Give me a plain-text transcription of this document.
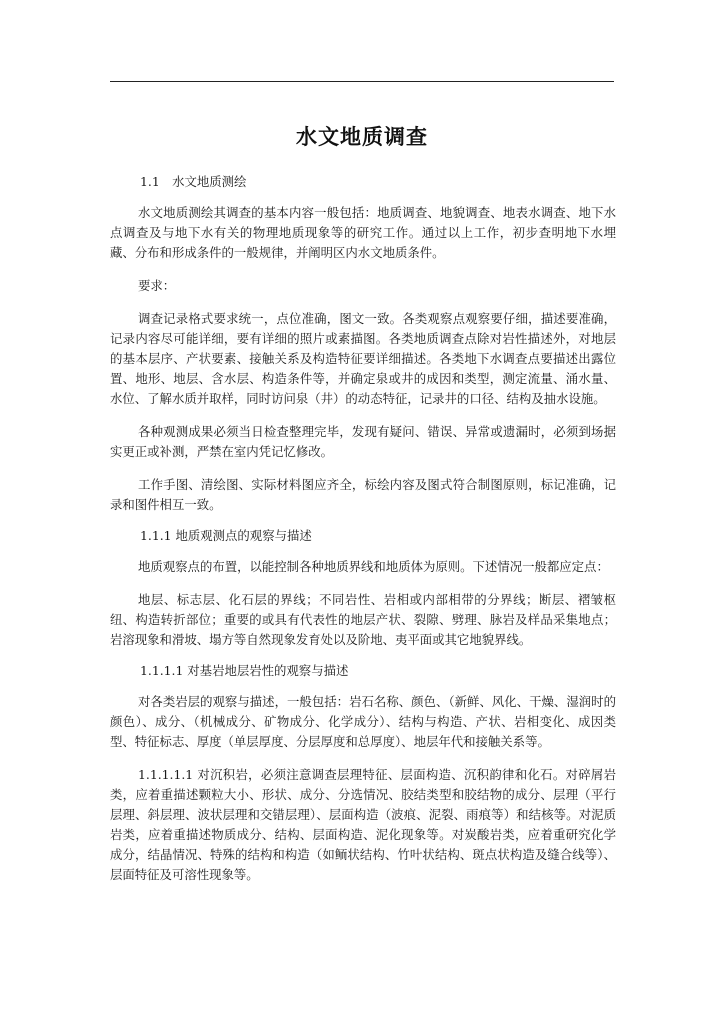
水文地质调查

1.1　水文地质测绘

水文地质测绘其调查的基本内容一般包括：地质调查、地貌调查、地表水调查、地下水点调查及与地下水有关的物理地质现象等的研究工作。通过以上工作，初步查明地下水埋藏、分布和形成条件的一般规律，并阐明区内水文地质条件。

要求：

调查记录格式要求统一，点位准确，图文一致。各类观察点观察要仔细，描述要准确，记录内容尽可能详细，要有详细的照片或素描图。各类地质调查点除对岩性描述外，对地层的基本层序、产状要素、接触关系及构造特征要详细描述。各类地下水调查点要描述出露位置、地形、地层、含水层、构造条件等，并确定泉或井的成因和类型，测定流量、涌水量、水位、了解水质并取样，同时访问泉（井）的动态特征，记录井的口径、结构及抽水设施。

各种观测成果必须当日检查整理完毕，发现有疑问、错误、异常或遗漏时，必须到场据实更正或补测，严禁在室内凭记忆修改。

工作手图、清绘图、实际材料图应齐全，标绘内容及图式符合制图原则，标记准确，记录和图件相互一致。

1.1.1 地质观测点的观察与描述

地质观察点的布置，以能控制各种地质界线和地质体为原则。下述情况一般都应定点：

地层、标志层、化石层的界线；不同岩性、岩相或内部相带的分界线；断层、褶皱枢纽、构造转折部位；重要的或具有代表性的地层产状、裂隙、劈理、脉岩及样品采集地点；岩溶现象和滑坡、塌方等自然现象发育处以及阶地、夷平面或其它地貌界线。

1.1.1.1 对基岩地层岩性的观察与描述

对各类岩层的观察与描述，一般包括：岩石名称、颜色、（新鲜、风化、干燥、湿润时的颜色）、成分、（机械成分、矿物成分、化学成分）、结构与构造、产状、岩相变化、成因类型、特征标志、厚度（单层厚度、分层厚度和总厚度）、地层年代和接触关系等。

1.1.1.1.1 对沉积岩，必须注意调查层理特征、层面构造、沉积韵律和化石。对碎屑岩类，应着重描述颗粒大小、形状、成分、分选情况、胶结类型和胶结物的成分、层理（平行层理、斜层理、波状层理和交错层理）、层面构造（波痕、泥裂、雨痕等）和结核等。对泥质岩类，应着重描述物质成分、结构、层面构造、泥化现象等。对炭酸岩类，应着重研究化学成分，结晶情况、特殊的结构和构造（如鲕状结构、竹叶状结构、斑点状构造及缝合线等）、层面特征及可溶性现象等。
